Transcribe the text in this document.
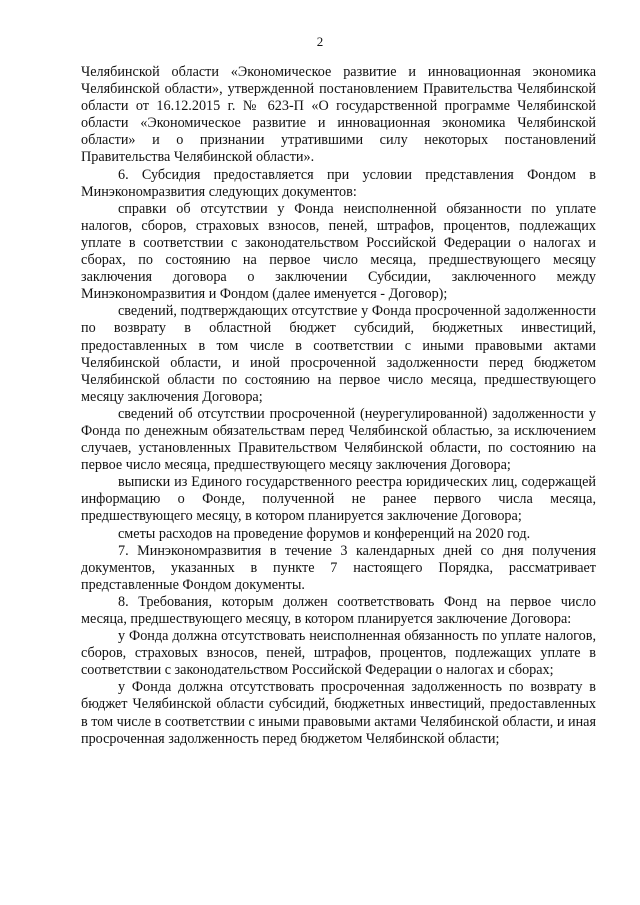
2

Челябинской области «Экономическое развитие и инновационная экономика Челябинской области», утвержденной постановлением Правительства Челябинской области от 16.12.2015 г. № 623-П «О государственной программе Челябинской области «Экономическое развитие и инновационная экономика Челябинской области» и о признании утратившими силу некоторых постановлений Правительства Челябинской области».

6. Субсидия предоставляется при условии представления Фондом в Минэкономразвития следующих документов:

справки об отсутствии у Фонда неисполненной обязанности по уплате налогов, сборов, страховых взносов, пеней, штрафов, процентов, подлежащих уплате в соответствии с законодательством Российской Федерации о налогах и сборах, по состоянию на первое число месяца, предшествующего месяцу заключения договора о заключении Субсидии, заключенного между Минэкономразвития и Фондом (далее именуется - Договор);

сведений, подтверждающих отсутствие у Фонда просроченной задолженности по возврату в областной бюджет субсидий, бюджетных инвестиций, предоставленных в том числе в соответствии с иными правовыми актами Челябинской области, и иной просроченной задолженности перед бюджетом Челябинской области по состоянию на первое число месяца, предшествующего месяцу заключения Договора;

сведений об отсутствии просроченной (неурегулированной) задолженности у Фонда по денежным обязательствам перед Челябинской областью, за исключением случаев, установленных Правительством Челябинской области, по состоянию на первое число месяца, предшествующего месяцу заключения Договора;

выписки из Единого государственного реестра юридических лиц, содержащей информацию о Фонде, полученной не ранее первого числа месяца, предшествующего месяцу, в котором планируется заключение Договора;

сметы расходов на проведение форумов и конференций на 2020 год.

7. Минэкономразвития в течение 3 календарных дней со дня получения документов, указанных в пункте 7 настоящего Порядка, рассматривает представленные Фондом документы.

8. Требования, которым должен соответствовать Фонд на первое число месяца, предшествующего месяцу, в котором планируется заключение Договора:

у Фонда должна отсутствовать неисполненная обязанность по уплате налогов, сборов, страховых взносов, пеней, штрафов, процентов, подлежащих уплате в соответствии с законодательством Российской Федерации о налогах и сборах;

у Фонда должна отсутствовать просроченная задолженность по возврату в бюджет Челябинской области субсидий, бюджетных инвестиций, предоставленных в том числе в соответствии с иными правовыми актами Челябинской области, и иная просроченная задолженность перед бюджетом Челябинской области;
